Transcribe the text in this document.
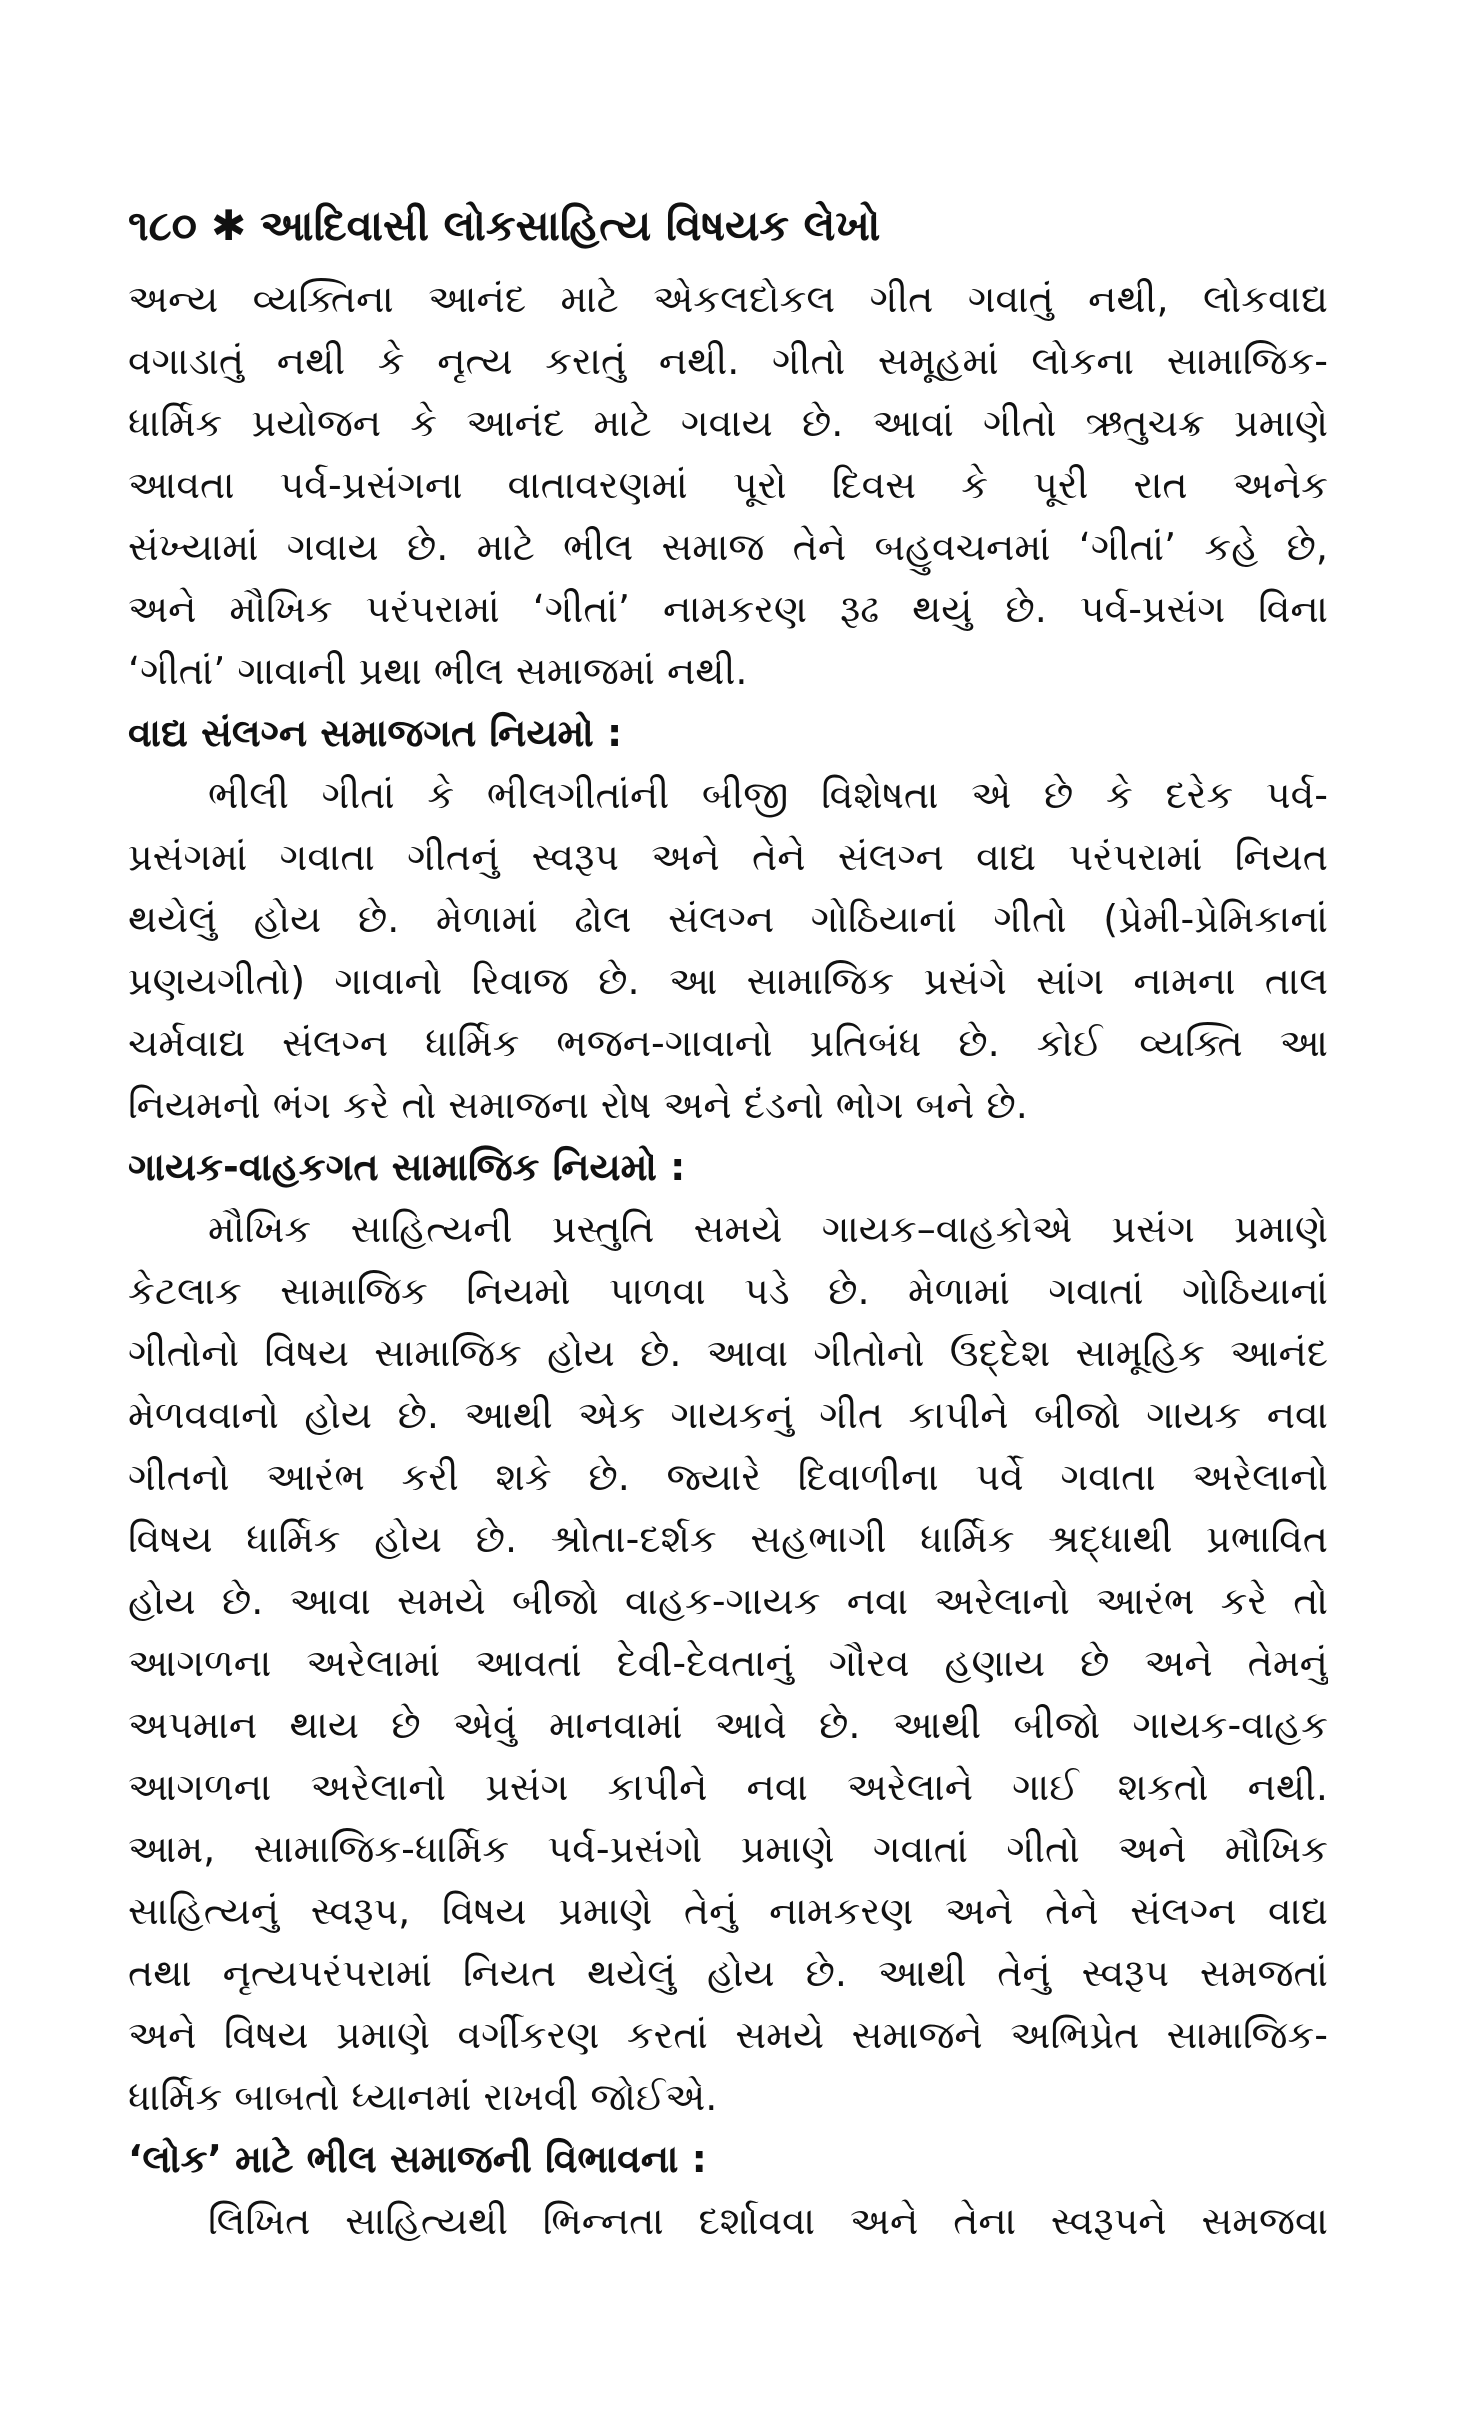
૧૮૦ ✱ આદિવાસી લોકસાહિત્ય વિષયક લેખો
અન્ય વ્યક્તિના આનંદ માટે એકલદોકલ ગીત ગવાતું નથી, લોકવાદ્ય
વગાડાતું નથી કે નૃત્ય કરાતું નથી. ગીતો સમૂહમાં લોકના સામાજિક-
ધાર્મિક પ્રયોજન કે આનંદ માટે ગવાય છે. આવાં ગીતો ઋતુચક્ર પ્રમાણે
આવતા પર્વ-પ્રસંગના વાતાવરણમાં પૂરો દિવસ કે પૂરી રાત અનેક
સંખ્યામાં ગવાય છે. માટે ભીલ સમાજ તેને બહુવચનમાં ‘ગીતાં’ કહે છે,
અને મૌખિક પરંપરામાં ‘ગીતાં’ નામકરણ રૂઢ થયું છે. પર્વ-પ્રસંગ વિના
‘ગીતાં’ ગાવાની પ્રથા ભીલ સમાજમાં નથી.
વાદ્ય સંલગ્ન સમાજગત નિયમો :
ભીલી ગીતાં કે ભીલગીતાંની બીજી વિશેષતા એ છે કે દરેક પર્વ-
પ્રસંગમાં ગવાતા ગીતનું સ્વરૂપ અને તેને સંલગ્ન વાદ્ય પરંપરામાં નિયત
થયેલું હોય છે. મેળામાં ઢોલ સંલગ્ન ગોઠિયાનાં ગીતો (પ્રેમી-પ્રેમિકાનાં
પ્રણયગીતો) ગાવાનો રિવાજ છે. આ સામાજિક પ્રસંગે સાંગ નામના તાલ
ચર્મવાદ્ય સંલગ્ન ધાર્મિક ભજન-ગાવાનો પ્રતિબંધ છે. કોઈ વ્યક્તિ આ
નિયમનો ભંગ કરે તો સમાજના રોષ અને દંડનો ભોગ બને છે.
ગાયક-વાહકગત સામાજિક નિયમો :
મૌખિક સાહિત્યની પ્રસ્તુતિ સમયે ગાયક–વાહકોએ પ્રસંગ પ્રમાણે
કેટલાક સામાજિક નિયમો પાળવા પડે છે. મેળામાં ગવાતાં ગોઠિયાનાં
ગીતોનો વિષય સામાજિક હોય છે. આવા ગીતોનો ઉદ્દેશ સામૂહિક આનંદ
મેળવવાનો હોય છે. આથી એક ગાયકનું ગીત કાપીને બીજો ગાયક નવા
ગીતનો આરંભ કરી શકે છે. જ્યારે દિવાળીના પર્વે ગવાતા અરેલાનો
વિષય ધાર્મિક હોય છે. શ્રોતા-દર્શક સહભાગી ધાર્મિક શ્રદ્ધાથી પ્રભાવિત
હોય છે. આવા સમયે બીજો વાહક-ગાયક નવા અરેલાનો આરંભ કરે તો
આગળના અરેલામાં આવતાં દેવી-દેવતાનું ગૌરવ હણાય છે અને તેમનું
અપમાન થાય છે એવું માનવામાં આવે છે. આથી બીજો ગાયક-વાહક
આગળના અરેલાનો પ્રસંગ કાપીને નવા અરેલાને ગાઈ શકતો નથી.
આમ, સામાજિક-ધાર્મિક પર્વ-પ્રસંગો પ્રમાણે ગવાતાં ગીતો અને મૌખિક
સાહિત્યનું સ્વરૂપ, વિષય પ્રમાણે તેનું નામકરણ અને તેને સંલગ્ન વાદ્ય
તથા નૃત્યપરંપરામાં નિયત થયેલું હોય છે. આથી તેનું સ્વરૂપ સમજતાં
અને વિષય પ્રમાણે વર્ગીકરણ કરતાં સમયે સમાજને અભિપ્રેત સામાજિક-
ધાર્મિક બાબતો ધ્યાનમાં રાખવી જોઈએ.
‘લોક’ માટે ભીલ સમાજની વિભાવના :
લિખિત સાહિત્યથી ભિન્નતા દર્શાવવા અને તેના સ્વરૂપને સમજવા
